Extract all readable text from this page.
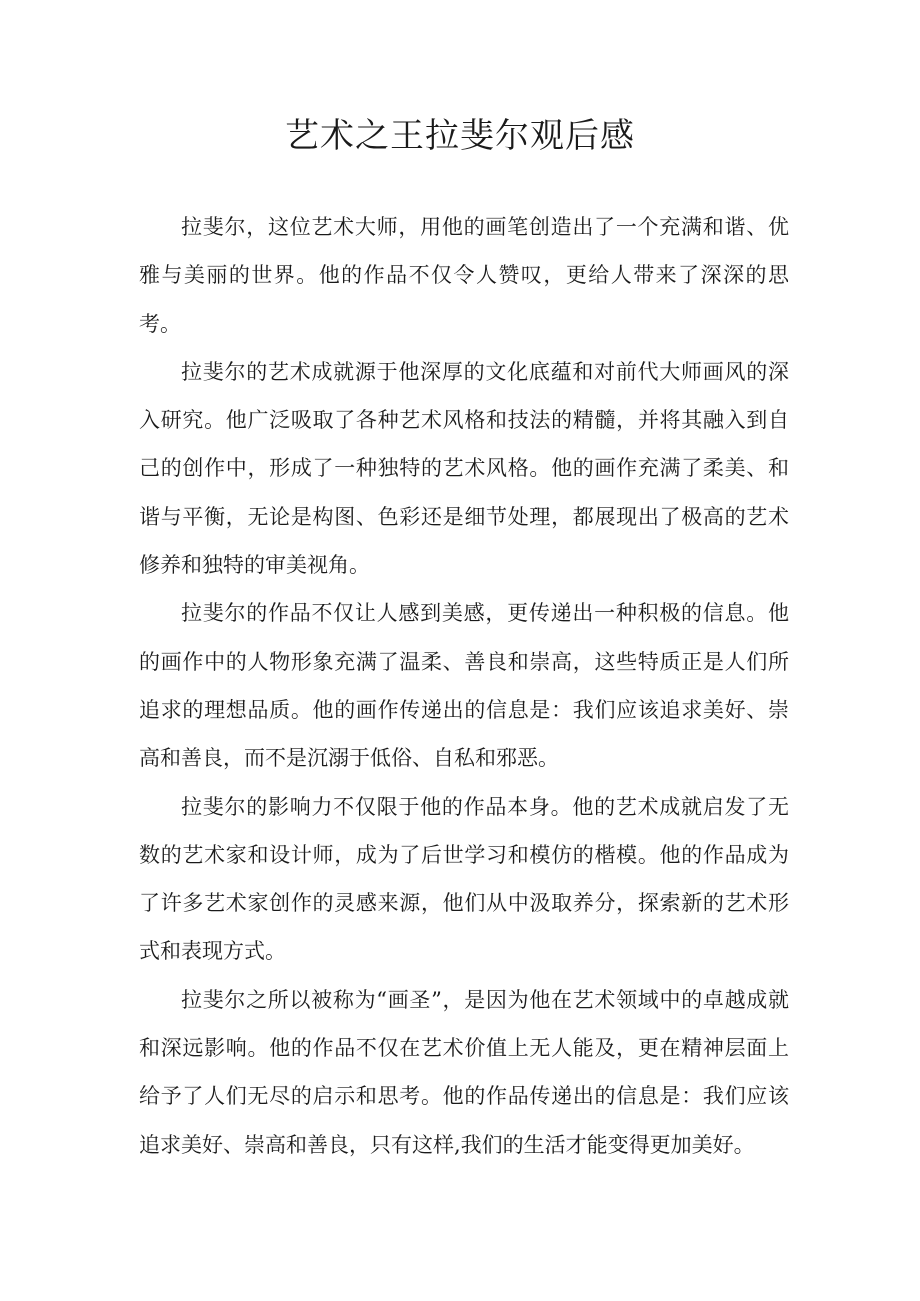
艺术之王拉斐尔观后感

拉斐尔，这位艺术大师，用他的画笔创造出了一个充满和谐、优雅与美丽的世界。他的作品不仅令人赞叹，更给人带来了深深的思考。

拉斐尔的艺术成就源于他深厚的文化底蕴和对前代大师画风的深入研究。他广泛吸取了各种艺术风格和技法的精髓，并将其融入到自己的创作中，形成了一种独特的艺术风格。他的画作充满了柔美、和谐与平衡，无论是构图、色彩还是细节处理，都展现出了极高的艺术修养和独特的审美视角。

拉斐尔的作品不仅让人感到美感，更传递出一种积极的信息。他的画作中的人物形象充满了温柔、善良和崇高，这些特质正是人们所追求的理想品质。他的画作传递出的信息是：我们应该追求美好、崇高和善良，而不是沉溺于低俗、自私和邪恶。

拉斐尔的影响力不仅限于他的作品本身。他的艺术成就启发了无数的艺术家和设计师，成为了后世学习和模仿的楷模。他的作品成为了许多艺术家创作的灵感来源，他们从中汲取养分，探索新的艺术形式和表现方式。

拉斐尔之所以被称为“画圣”，是因为他在艺术领域中的卓越成就和深远影响。他的作品不仅在艺术价值上无人能及，更在精神层面上给予了人们无尽的启示和思考。他的作品传递出的信息是：我们应该追求美好、崇高和善良，只有这样,我们的生活才能变得更加美好。
